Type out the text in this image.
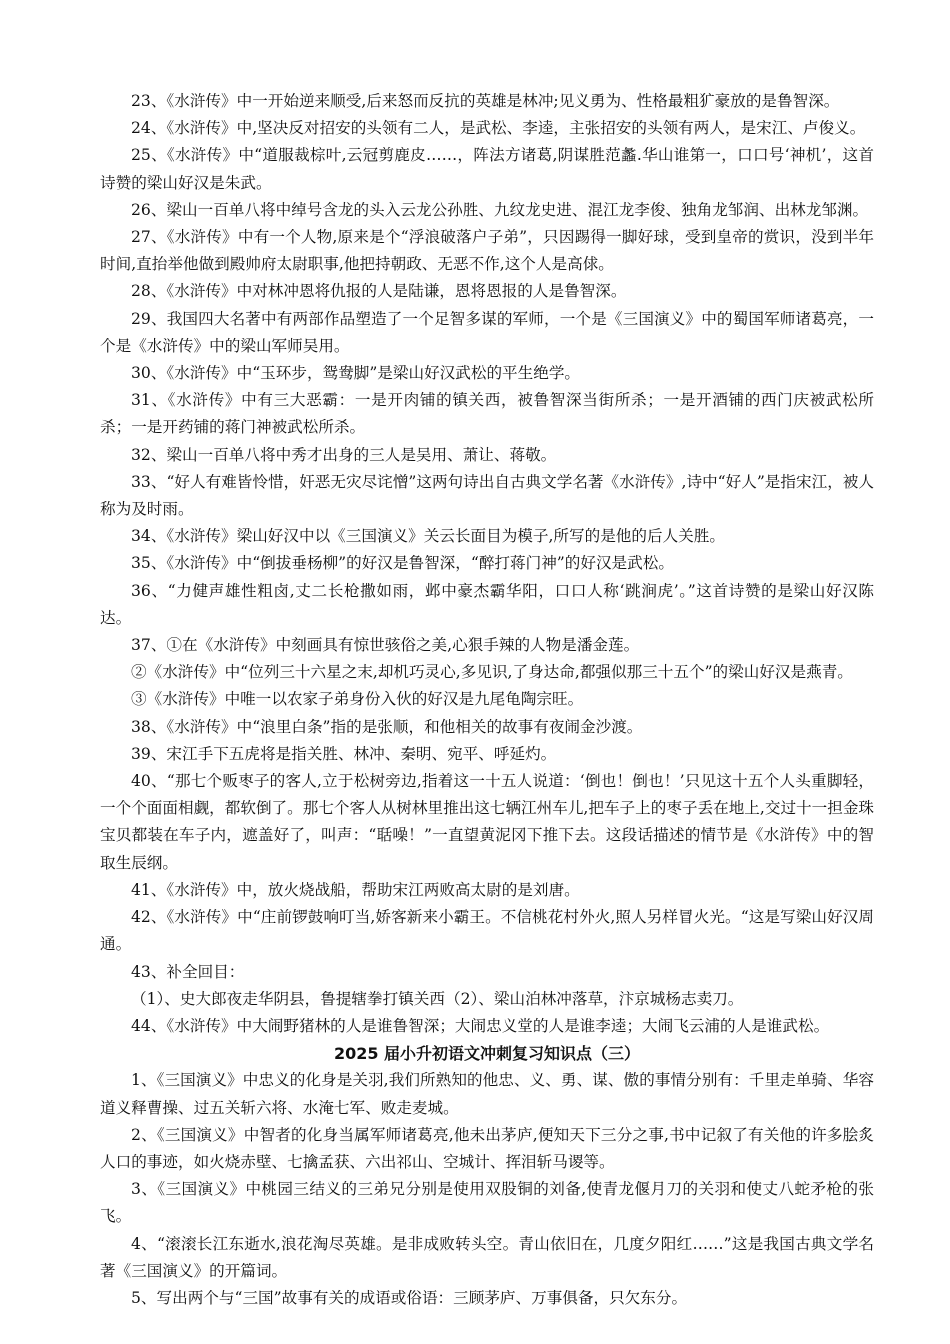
23、《水浒传》中一开始逆来顺受,后来怒而反抗的英雄是林冲;见义勇为、性格最粗犷豪放的是鲁智深。

24、《水浒传》中,坚决反对招安的头领有二人，是武松、李逵，主张招安的头领有两人，是宋江、卢俊义。

25、《水浒传》中“道服裁棕叶,云冠剪鹿皮……，阵法方诸葛,阴谋胜范蠡.华山谁第一，口口号‘神机’，这首诗赞的梁山好汉是朱武。

26、梁山一百单八将中绰号含龙的头入云龙公孙胜、九纹龙史进、混江龙李俊、独角龙邹润、出林龙邹渊。

27、《水浒传》中有一个人物,原来是个“浮浪破落户子弟”，只因踢得一脚好球，受到皇帝的赏识，没到半年时间,直抬举他做到殿帅府太尉职事,他把持朝政、无恶不作,这个人是高俅。

28、《水浒传》中对林冲恩将仇报的人是陆谦，恩将恩报的人是鲁智深。

29、我国四大名著中有两部作品塑造了一个足智多谋的军师，一个是《三国演义》中的蜀国军师诸葛亮，一个是《水浒传》中的梁山军师吴用。

30、《水浒传》中“玉环步，鸳鸯脚”是梁山好汉武松的平生绝学。

31、《水浒传》中有三大恶霸：一是开肉铺的镇关西，被鲁智深当街所杀；一是开酒铺的西门庆被武松所杀；一是开药铺的蒋门神被武松所杀。

32、梁山一百单八将中秀才出身的三人是吴用、萧让、蒋敬。

33、“好人有难皆怜惜，奸恶无灾尽诧憎”这两句诗出自古典文学名著《水浒传》,诗中“好人”是指宋江，被人称为及时雨。

34、《水浒传》梁山好汉中以《三国演义》关云长面目为模子,所写的是他的后人关胜。

35、《水浒传》中“倒拔垂杨柳”的好汉是鲁智深，“醉打蒋门神”的好汉是武松。

36、“力健声雄性粗卤,丈二长枪撒如雨，邺中豪杰霸华阳，口口人称‘跳涧虎’。”这首诗赞的是梁山好汉陈达。

37、①在《水浒传》中刻画具有惊世骇俗之美,心狠手辣的人物是潘金莲。

②《水浒传》中“位列三十六星之末,却机巧灵心,多见识,了身达命,都强似那三十五个”的梁山好汉是燕青。

③《水浒传》中唯一以农家子弟身份入伙的好汉是九尾龟陶宗旺。

38、《水浒传》中“浪里白条”指的是张顺，和他相关的故事有夜闹金沙渡。

39、宋江手下五虎将是指关胜、林冲、秦明、宛平、呼延灼。

40、“那七个贩枣子的客人,立于松树旁边,指着这一十五人说道：‘倒也！倒也！’只见这十五个人头重脚轻，一个个面面相觑，都软倒了。那七个客人从树林里推出这七辆江州车儿,把车子上的枣子丢在地上,交过十一担金珠宝贝都装在车子内，遮盖好了，叫声：“聒噪！”一直望黄泥冈下推下去。这段话描述的情节是《水浒传》中的智取生辰纲。

41、《水浒传》中，放火烧战船，帮助宋江两败高太尉的是刘唐。

42、《水浒传》中“庄前锣鼓响叮当,娇客新来小霸王。不信桃花村外火,照人另样冒火光。“这是写梁山好汉周通。

43、补全回目：

（1）、史大郎夜走华阴县，鲁提辖拳打镇关西（2）、梁山泊林冲落草，汴京城杨志卖刀。

44、《水浒传》中大闹野猪林的人是谁鲁智深；大闹忠义堂的人是谁李逵；大闹飞云浦的人是谁武松。

2025 届小升初语文冲刺复习知识点（三）

1、《三国演义》中忠义的化身是关羽,我们所熟知的他忠、义、勇、谋、傲的事情分别有：千里走单骑、华容道义释曹操、过五关斩六将、水淹七军、败走麦城。

2、《三国演义》中智者的化身当属军师诸葛亮,他未出茅庐,便知天下三分之事,书中记叙了有关他的许多脍炙人口的事迹，如火烧赤壁、七擒孟获、六出祁山、空城计、挥泪斩马谡等。

3、《三国演义》中桃园三结义的三弟兄分别是使用双股铜的刘备,使青龙偃月刀的关羽和使丈八蛇矛枪的张飞。

4、“滚滚长江东逝水,浪花淘尽英雄。是非成败转头空。青山依旧在，几度夕阳红……”这是我国古典文学名著《三国演义》的开篇词。

5、写出两个与“三国”故事有关的成语或俗语：三顾茅庐、万事俱备，只欠东分。
